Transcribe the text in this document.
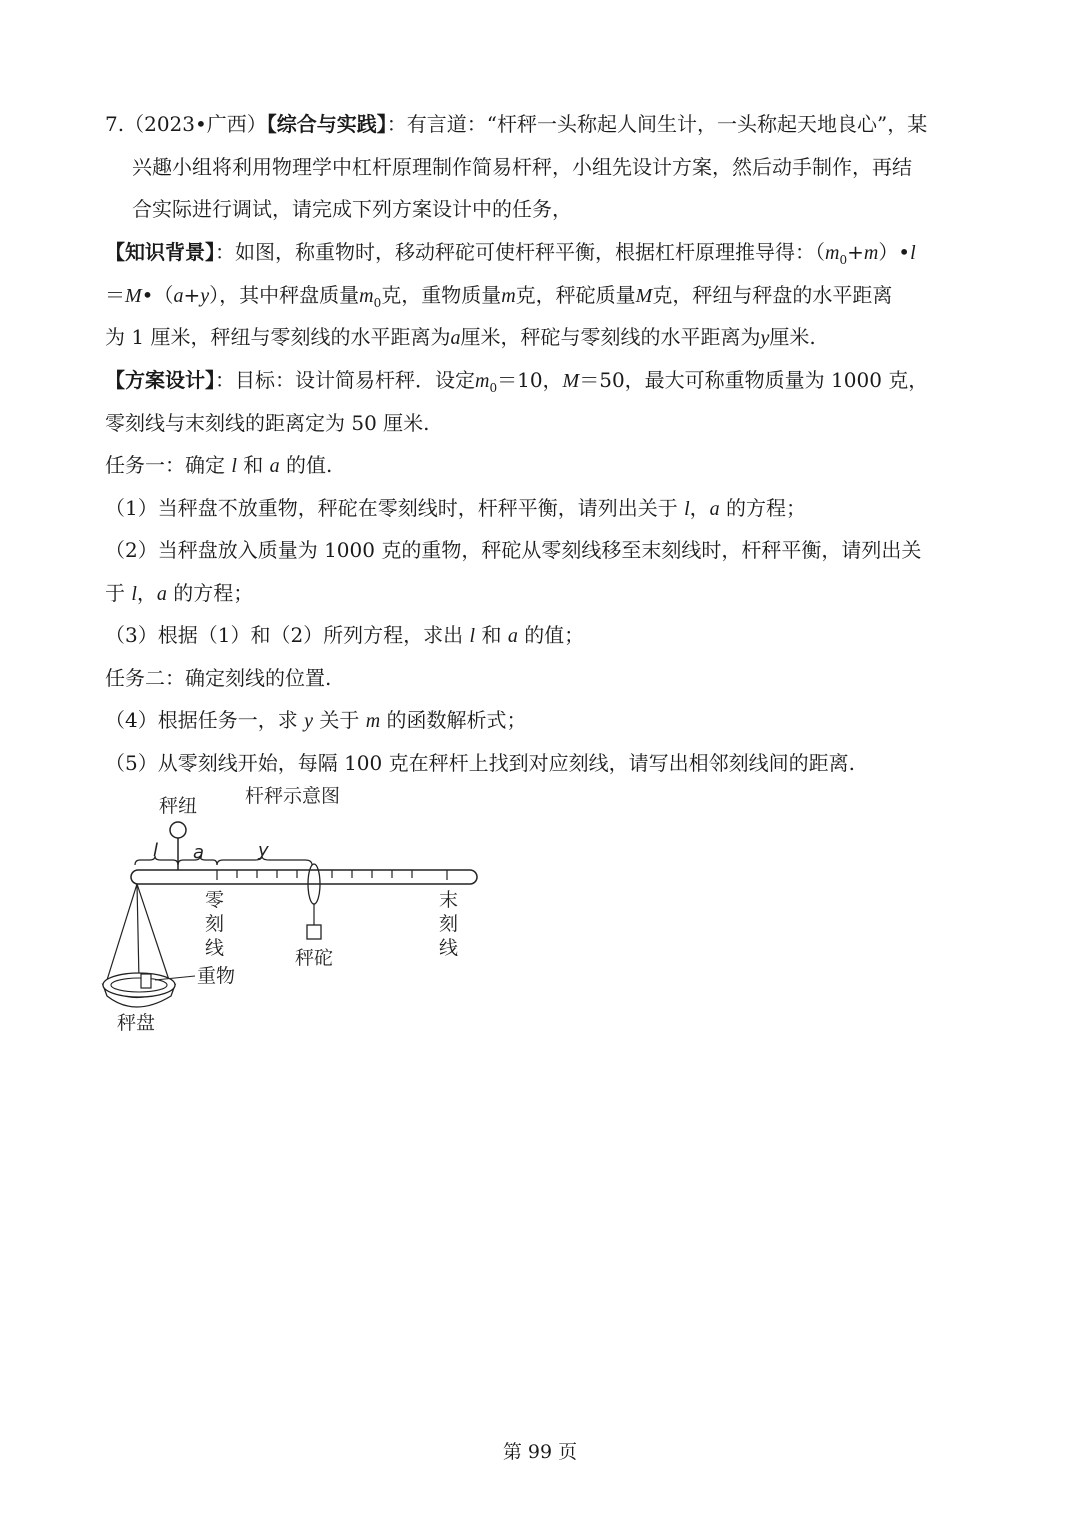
7.（2023•广西）【综合与实践】：有言道：“杆秤一头称起人间生计，一头称起天地良心”，某
兴趣小组将利用物理学中杠杆原理制作简易杆秤，小组先设计方案，然后动手制作，再结
合实际进行调试，请完成下列方案设计中的任务，
【知识背景】：如图，称重物时，移动秤砣可使杆秤平衡，根据杠杆原理推导得：$(m_0+m)•l$
＝M•（a+y），其中秤盘质量$m_0$克，重物质量m克，秤砣质量M克，秤纽与秤盘的水平距离
为 1 厘米，秤纽与零刻线的水平距离为a厘米，秤砣与零刻线的水平距离为y厘米.
【方案设计】：目标：设计简易杆秤．设定$m_0=10$，M＝50，最大可称重物质量为 1000 克，
零刻线与末刻线的距离定为 50 厘米.
任务一：确定 l 和 a 的值.
（1）当秤盘不放重物，秤砣在零刻线时，杆秤平衡，请列出关于 l，a 的方程；
（2）当秤盘放入质量为 1000 克的重物，秤砣从零刻线移至末刻线时，杆秤平衡，请列出关
于 l，a 的方程；
（3）根据（1）和（2）所列方程，求出 l 和 a 的值；
任务二：确定刻线的位置.
（4）根据任务一，求 y 关于 m 的函数解析式；
（5）从零刻线开始，每隔 100 克在秤杆上找到对应刻线，请写出相邻刻线间的距离.
杆秤示意图
秤纽
l a	y
秤砣
零
刻
线
末
刻
线
重物
秤盘
第 99 页
